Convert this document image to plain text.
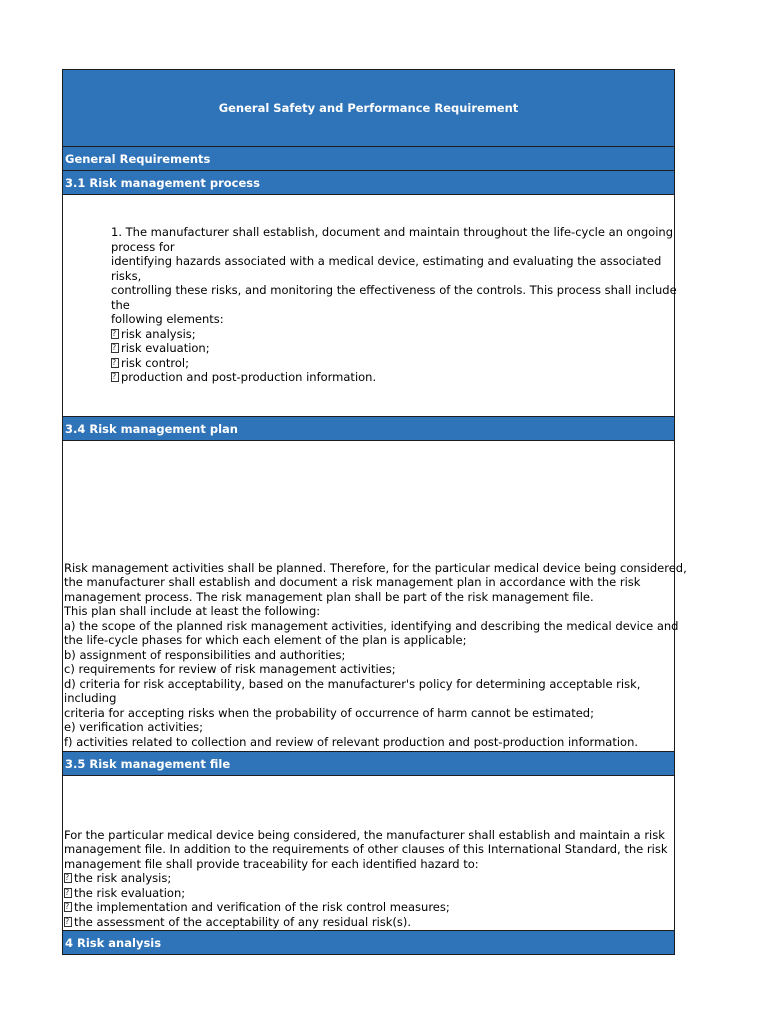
General Safety and Performance Requirement
General Requirements
3.1 Risk management process
1. The manufacturer shall establish, document and maintain throughout the life-cycle an ongoing
process for
identifying hazards associated with a medical device, estimating and evaluating the associated
risks,
controlling these risks, and monitoring the effectiveness of the controls. This process shall include
the
following elements:
?risk analysis;
?risk evaluation;
?risk control;
?production and post-production information.
3.4 Risk management plan
Risk management activities shall be planned. Therefore, for the particular medical device being considered,
the manufacturer shall establish and document a risk management plan in accordance with the risk
management process. The risk management plan shall be part of the risk management file.
This plan shall include at least the following:
a) the scope of the planned risk management activities, identifying and describing the medical device and
the life-cycle phases for which each element of the plan is applicable;
b) assignment of responsibilities and authorities;
c) requirements for review of risk management activities;
d) criteria for risk acceptability, based on the manufacturer's policy for determining acceptable risk,
including
criteria for accepting risks when the probability of occurrence of harm cannot be estimated;
e) verification activities;
f) activities related to collection and review of relevant production and post-production information.
3.5 Risk management file
For the particular medical device being considered, the manufacturer shall establish and maintain a risk
management file. In addition to the requirements of other clauses of this International Standard, the risk
management file shall provide traceability for each identified hazard to:
?the risk analysis;
?the risk evaluation;
?the implementation and verification of the risk control measures;
?the assessment of the acceptability of any residual risk(s).
4 Risk analysis
